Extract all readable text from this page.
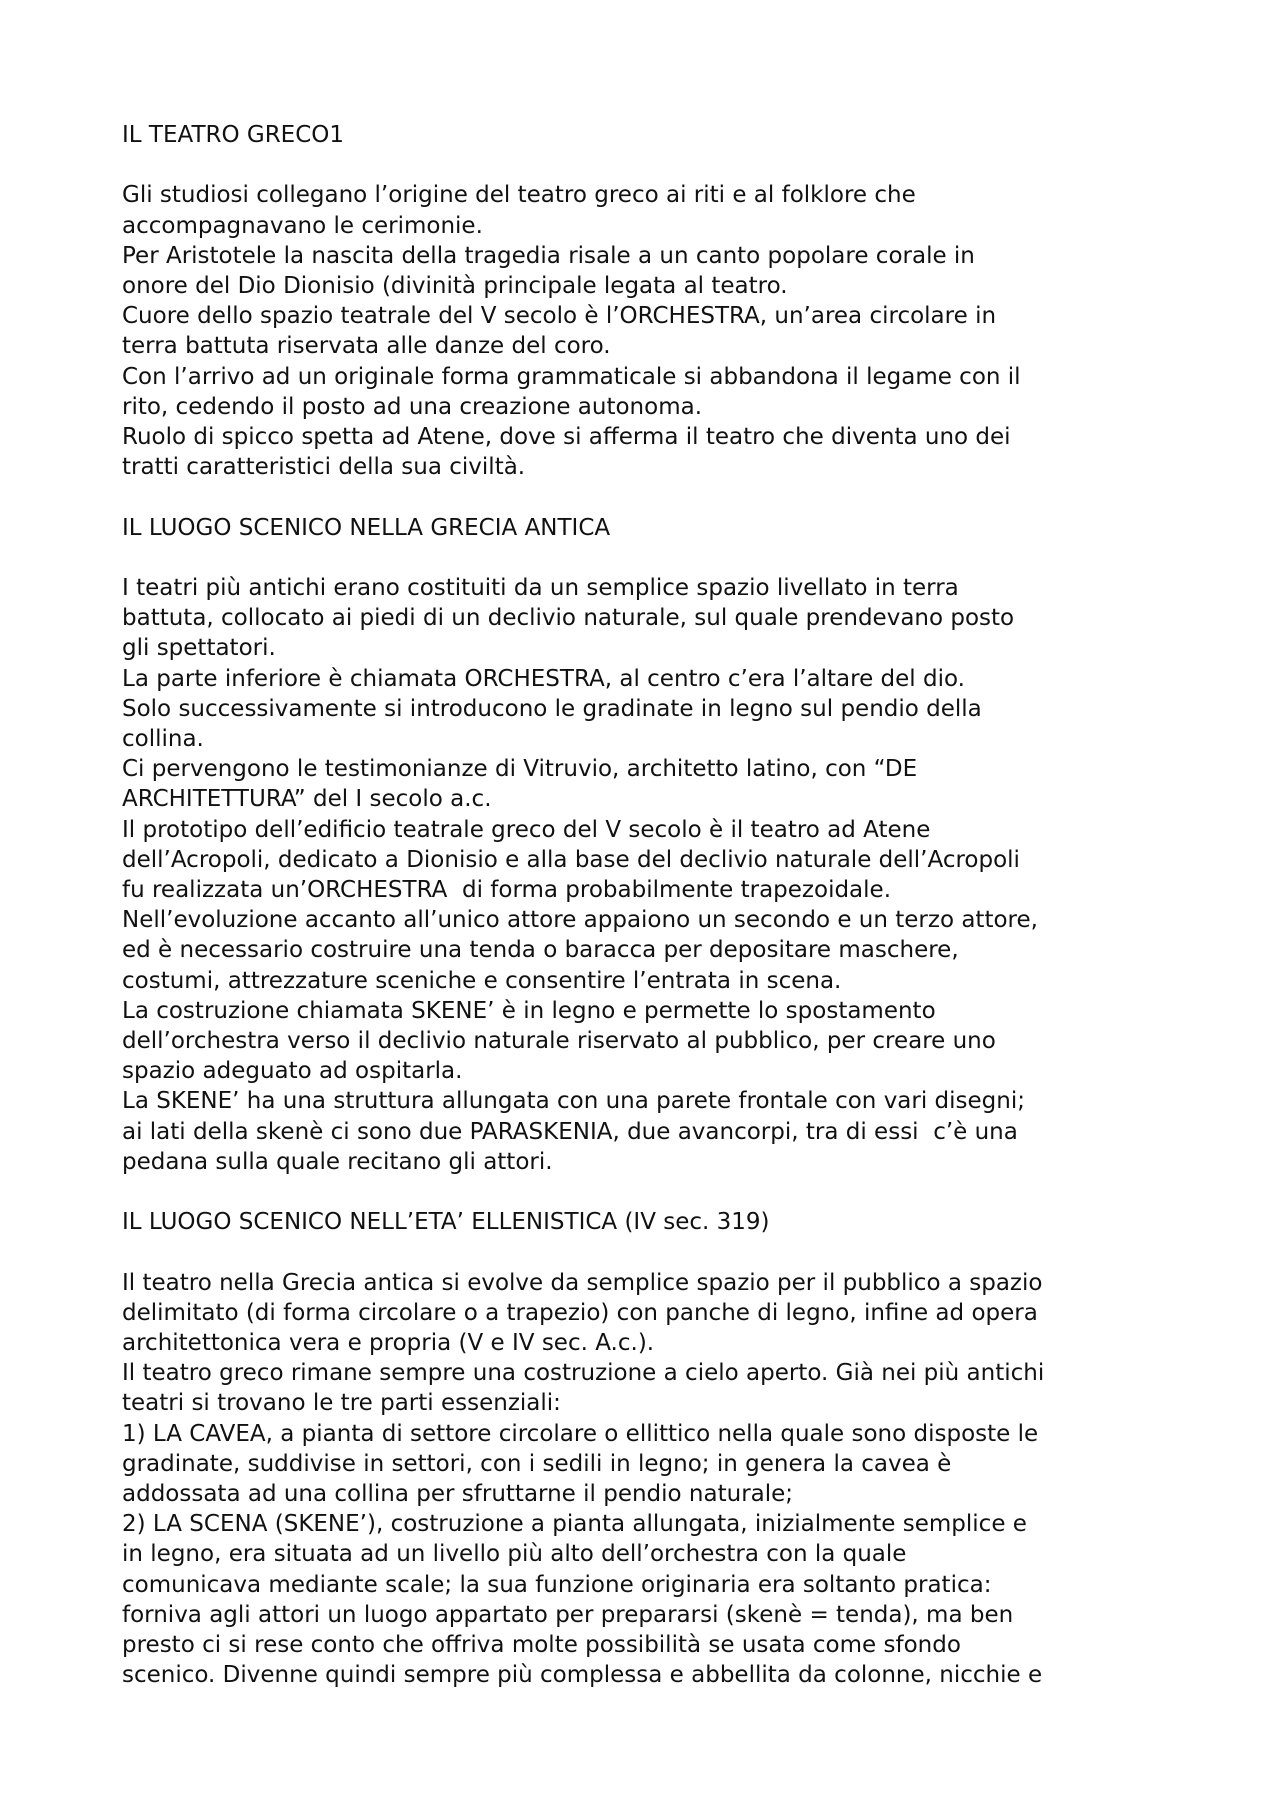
IL TEATRO GRECO1

Gli studiosi collegano l’origine del teatro greco ai riti e al folklore che

accompagnavano le cerimonie.

Per Aristotele la nascita della tragedia risale a un canto popolare corale in

onore del Dio Dionisio (divinità principale legata al teatro.

Cuore dello spazio teatrale del V secolo è l’ORCHESTRA, un’area circolare in

terra battuta riservata alle danze del coro.

Con l’arrivo ad un originale forma grammaticale si abbandona il legame con il

rito, cedendo il posto ad una creazione autonoma.

Ruolo di spicco spetta ad Atene, dove si afferma il teatro che diventa uno dei

tratti caratteristici della sua civiltà.

IL LUOGO SCENICO NELLA GRECIA ANTICA

I teatri più antichi erano costituiti da un semplice spazio livellato in terra

battuta, collocato ai piedi di un declivio naturale, sul quale prendevano posto

gli spettatori.

La parte inferiore è chiamata ORCHESTRA, al centro c’era l’altare del dio.

Solo successivamente si introducono le gradinate in legno sul pendio della

collina.

Ci pervengono le testimonianze di Vitruvio, architetto latino, con “DE

ARCHITETTURA” del I secolo a.c.

Il prototipo dell’edificio teatrale greco del V secolo è il teatro ad Atene

dell’Acropoli, dedicato a Dionisio e alla base del declivio naturale dell’Acropoli

fu realizzata un’ORCHESTRA  di forma probabilmente trapezoidale.

Nell’evoluzione accanto all’unico attore appaiono un secondo e un terzo attore,

ed è necessario costruire una tenda o baracca per depositare maschere,

costumi, attrezzature sceniche e consentire l’entrata in scena.

La costruzione chiamata SKENE’ è in legno e permette lo spostamento

dell’orchestra verso il declivio naturale riservato al pubblico, per creare uno

spazio adeguato ad ospitarla.

La SKENE’ ha una struttura allungata con una parete frontale con vari disegni;

ai lati della skenè ci sono due PARASKENIA, due avancorpi, tra di essi  c’è una

pedana sulla quale recitano gli attori.

IL LUOGO SCENICO NELL’ETA’ ELLENISTICA (IV sec. 319)

Il teatro nella Grecia antica si evolve da semplice spazio per il pubblico a spazio

delimitato (di forma circolare o a trapezio) con panche di legno, infine ad opera

architettonica vera e propria (V e IV sec. A.c.).

Il teatro greco rimane sempre una costruzione a cielo aperto. Già nei più antichi

teatri si trovano le tre parti essenziali:

1) LA CAVEA, a pianta di settore circolare o ellittico nella quale sono disposte le

gradinate, suddivise in settori, con i sedili in legno; in genera la cavea è

addossata ad una collina per sfruttarne il pendio naturale;

2) LA SCENA (SKENE’), costruzione a pianta allungata, inizialmente semplice e

in legno, era situata ad un livello più alto dell’orchestra con la quale

comunicava mediante scale; la sua funzione originaria era soltanto pratica:

forniva agli attori un luogo appartato per prepararsi (skenè = tenda), ma ben

presto ci si rese conto che offriva molte possibilità se usata come sfondo

scenico. Divenne quindi sempre più complessa e abbellita da colonne, nicchie e
